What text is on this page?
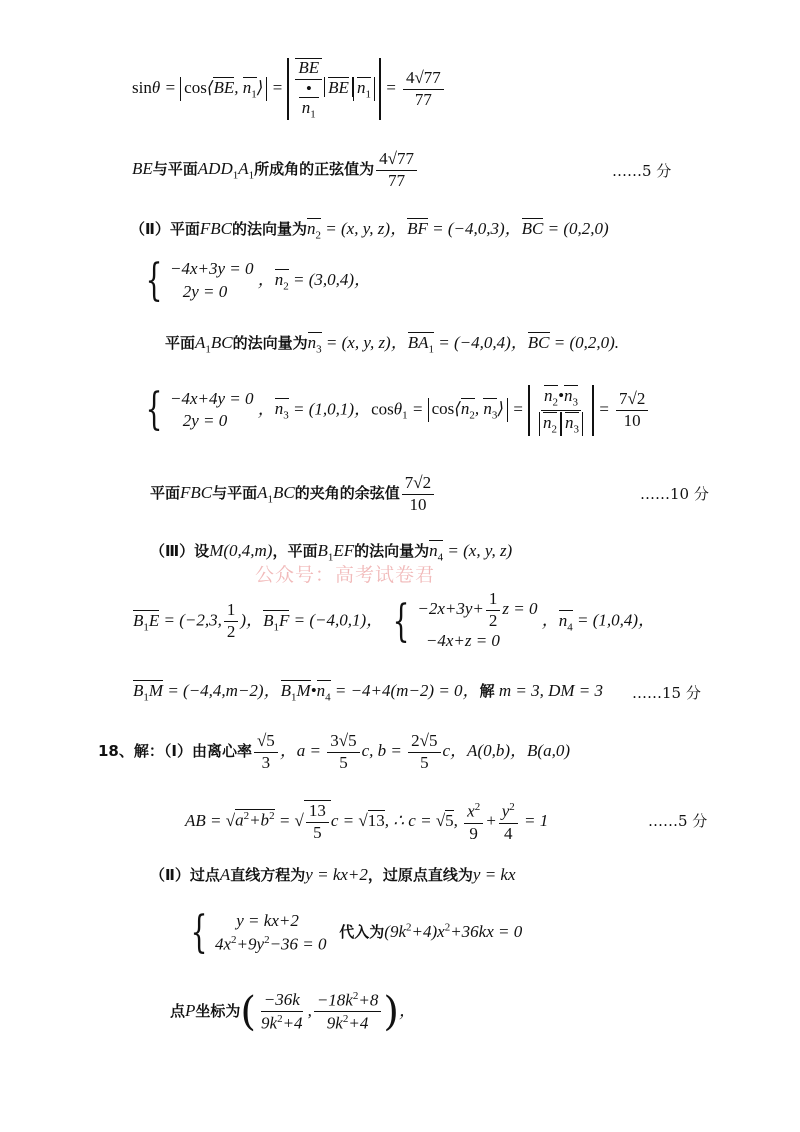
公众号：高考试卷君
sinθ = cos⟨BE, $n_1⟩$ =
BE
•
$n_1$
BE $n_1 = \frac{4√77}{77}$
BE与平面$ADD_1A_1$所成角的正弦值为 $\frac{4√77}{77}$	……5 分
（Ⅱ）平面FBC的法向量为$n_2 = (x$, y, z)，BF = (−4,0,3)，BC = (0,2,0)
{ −4x+3y = 0
2y = 0
，$n_2 = (3,0,4)$，
平面$A_1BC$的法向量为$n_3 = (x$, y, z)，$BA_1 = (-4,0,4)$，BC = (0,2,0).
{ −4x+4y = 0
2y = 0
，$n_3 = (1,0,1)$，$\cos\theta_1 = \cos⟨n_2$, $n_3⟩ = \frac{n_2•n_3}{n_2 n_3} = \frac{7√2}{10}$
平面FBC与平面$A_1BC$的夹角的余弦值 $\frac{7√2}{10}$	……10 分
（Ⅲ）设M(0,4,m)，平面$B_1EF$的法向量为$n_4 = (x$, y, z)
$B_1E = (-2,3$, $\frac{1}{2}$ )，$B_1F = (-4,0,1)$， { $-2x+3y+ \frac{1}{2}$ z = 0
−4x+z = 0
，$n_4 = (1,0,4)$，
$B_1M = (-4,4,m-2)$，$B_1M•n_4 = -4+4(m-2) = 0$，解 m = 3, DM = 3 ……15 分
18、解：（Ⅰ）由离心率 $\frac{√5}{3}$ ，$a = \frac{3√5}{5} c$, $b = \frac{2√5}{5}$ c，A(0,b)，B(a,0)
AB = $√a^2+b^2$ = √ $\frac{13}{5}$ c = √13, ∴ c = √5, $\frac{x^2}{9} + \frac{y^2}{4} = 1$	……5 分
（Ⅱ）过点A直线方程为y = kx+2，过原点直线为y = kx
{ y = kx+2
$4x^2+9y^2-36 = 0$
代入为$(9k^2+4)x^2+36kx = 0$
点P坐标为( $\frac{-36k}{9k^2+4}$ , $\frac{-18k^2+8}{9k^2+4}$ )，
